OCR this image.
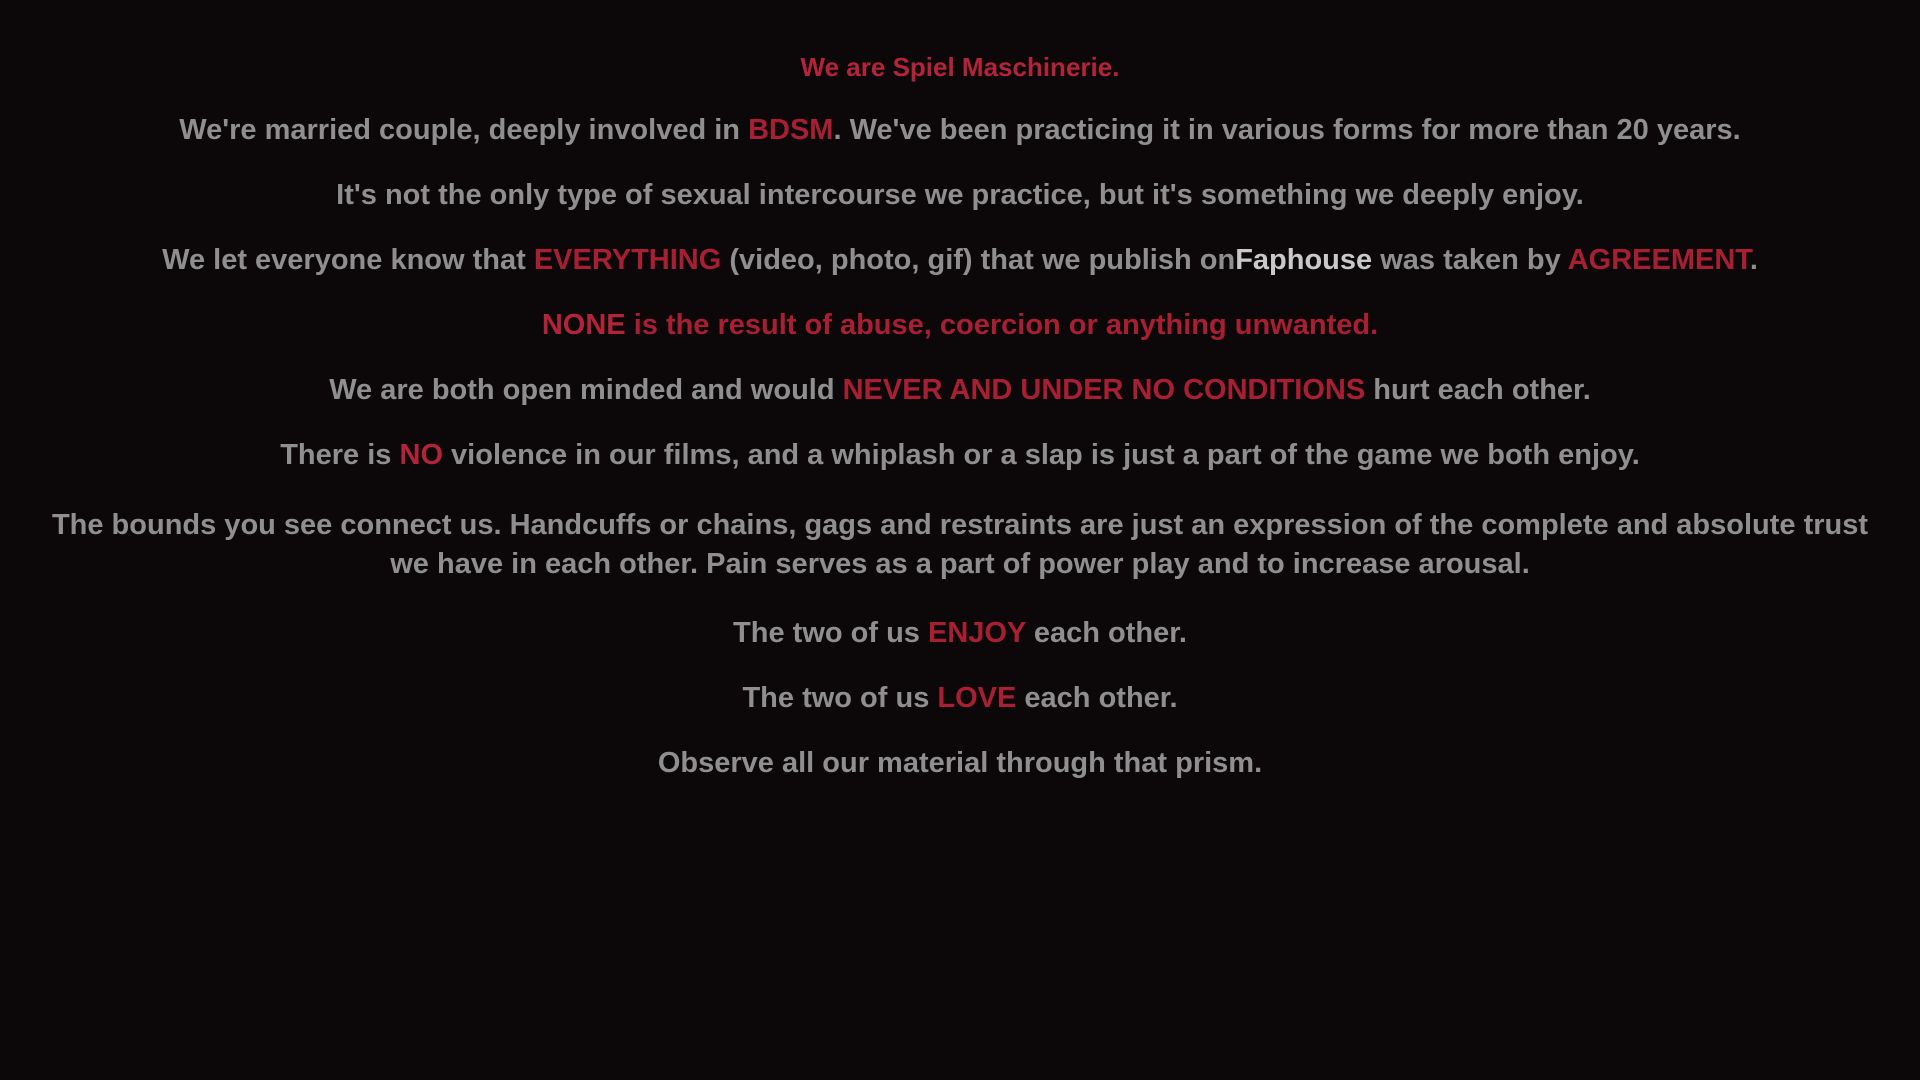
We are Spiel Maschinerie.
We're married couple, deeply involved in BDSM. We've been practicing it in various forms for more than 20 years.
It's not the only type of sexual intercourse we practice, but it's something we deeply enjoy.
We let everyone know that EVERYTHING (video, photo, gif) that we publish onFaphouse was taken by AGREEMENT.
NONE is the result of abuse, coercion or anything unwanted.
We are both open minded and would NEVER AND UNDER NO CONDITIONS hurt each other.
There is NO violence in our films, and a whiplash or a slap is just a part of the game we both enjoy.
The bounds you see connect us. Handcuffs or chains, gags and restraints are just an expression of the complete and absolute trust we have in each other. Pain serves as a part of power play and to increase arousal.
The two of us ENJOY each other.
The two of us LOVE each other.
Observe all our material through that prism.
